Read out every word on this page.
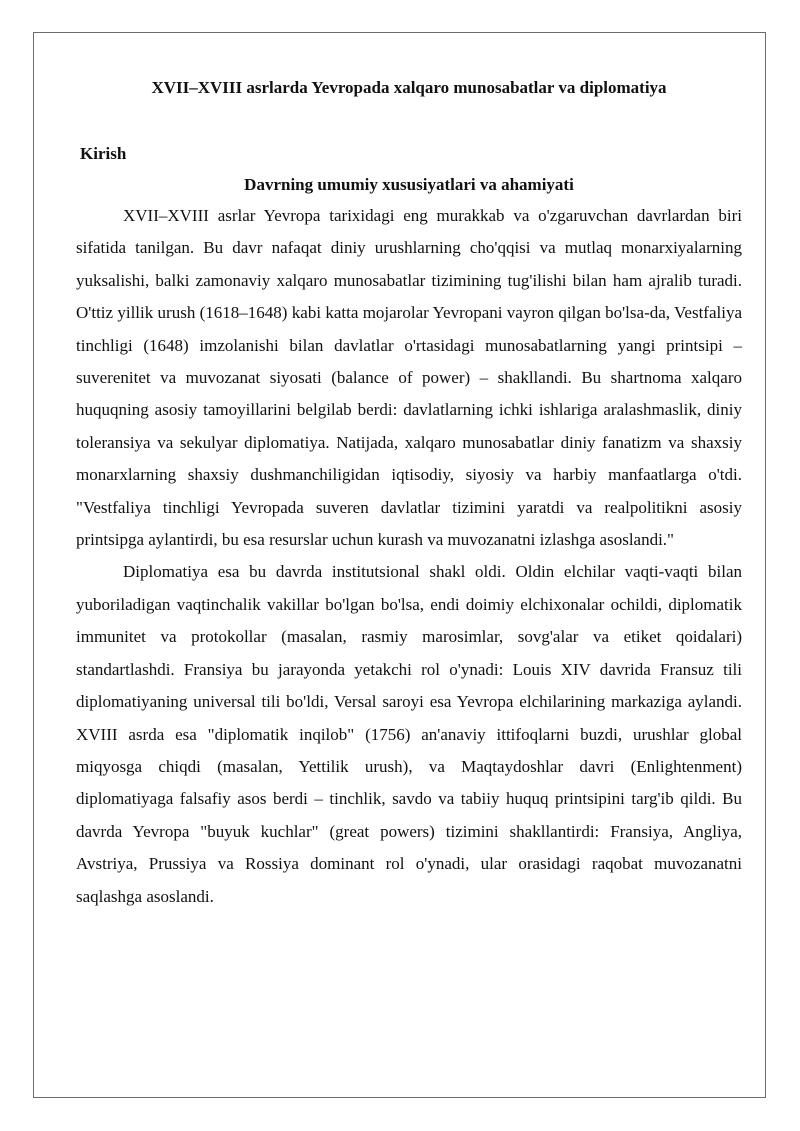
XVII–XVIII asrlarda Yevropada xalqaro munosabatlar va diplomatiya
Kirish
Davrning umumiy xususiyatlari va ahamiyati

XVII–XVIII asrlar Yevropa tarixidagi eng murakkab va o'zgaruvchan davrlardan biri sifatida tanilgan. Bu davr nafaqat diniy urushlarning cho'qqisi va mutlaq monarxiyalarning yuksalishi, balki zamonaviy xalqaro munosabatlar tizimining tug'ilishi bilan ham ajralib turadi. O'ttiz yillik urush (1618–1648) kabi katta mojarolar Yevropani vayron qilgan bo'lsa-da, Vestfaliya tinchligi (1648) imzolanishi bilan davlatlar o'rtasidagi munosabatlarning yangi printsipi – suverenitet va muvozanat siyosati (balance of power) – shakllandi. Bu shartnoma xalqaro huquqning asosiy tamoyillarini belgilab berdi: davlatlarning ichki ishlariga aralashmaslik, diniy toleransiya va sekulyar diplomatiya. Natijada, xalqaro munosabatlar diniy fanatizm va shaxsiy monarxlarning shaxsiy dushmanchiligidan iqtisodiy, siyosiy va harbiy manfaatlarga o'tdi. "Vestfaliya tinchligi Yevropada suveren davlatlar tizimini yaratdi va realpolitikni asosiy printsipga aylantirdi, bu esa resurslar uchun kurash va muvozanatni izlashga asoslandi."

Diplomatiya esa bu davrda institutsional shakl oldi. Oldin elchilar vaqti-vaqti bilan yuboriladigan vaqtinchalik vakillar bo'lgan bo'lsa, endi doimiy elchixonalar ochildi, diplomatik immunitet va protokollar (masalan, rasmiy marosimlar, sovg'alar va etiket qoidalari) standartlashdi. Fransiya bu jarayonda yetakchi rol o'ynadi: Louis XIV davrida Fransuz tili diplomatiyaning universal tili bo'ldi, Versal saroyi esa Yevropa elchilarining markaziga aylandi. XVIII asrda esa "diplomatik inqilob" (1756) an'anaviy ittifoqlarni buzdi, urushlar global miqyosga chiqdi (masalan, Yettilik urush), va Maqtaydoshlar davri (Enlightenment) diplomatiyaga falsafiy asos berdi – tinchlik, savdo va tabiiy huquq printsipini targ'ib qildi. Bu davrda Yevropa "buyuk kuchlar" (great powers) tizimini shakllantirdi: Fransiya, Angliya, Avstriya, Prussiya va Rossiya dominant rol o'ynadi, ular orasidagi raqobat muvozanatni saqlashga asoslandi.
